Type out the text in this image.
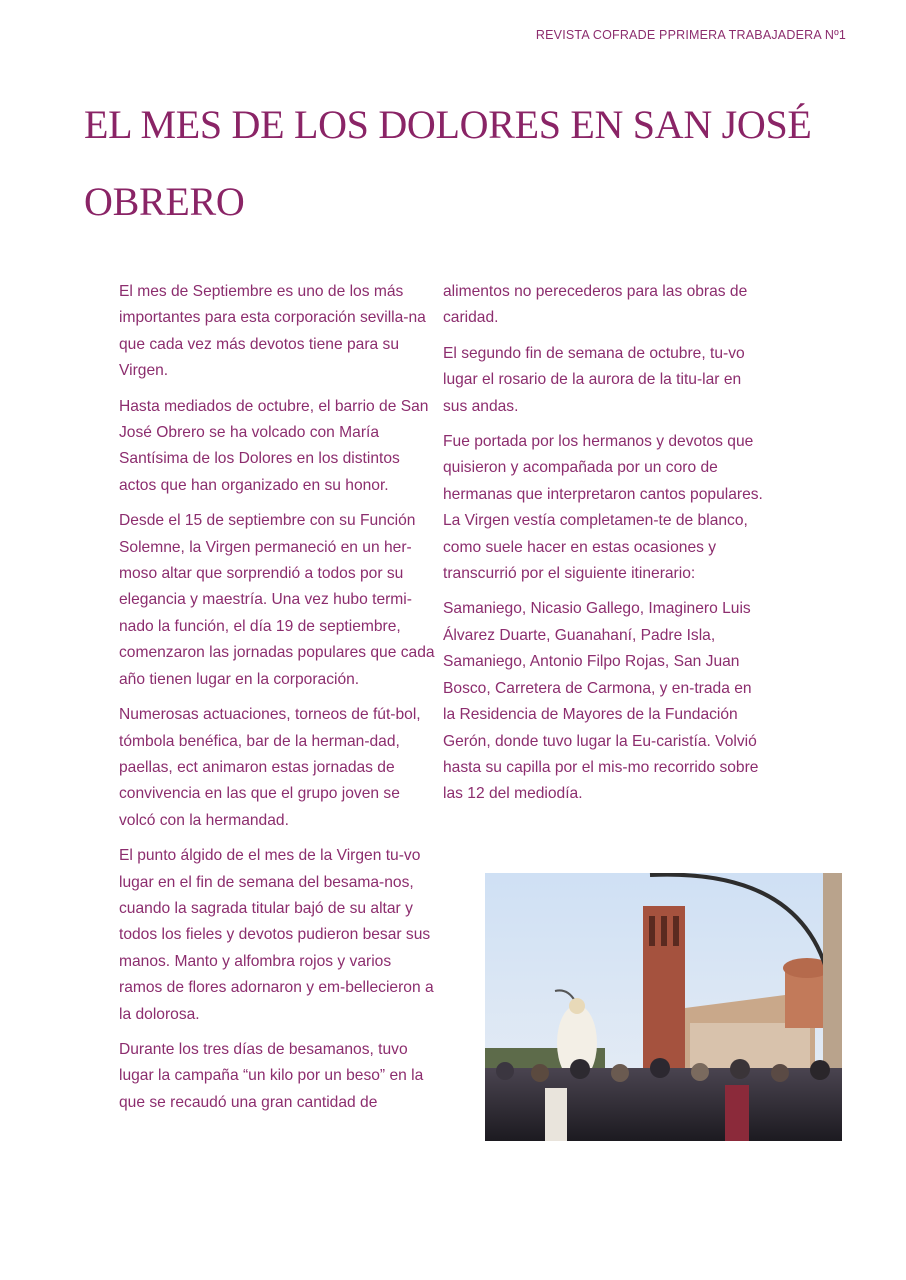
REVISTA COFRADE PPRIMERA TRABAJADERA Nº1
EL MES DE LOS DOLORES EN SAN JOSÉ
OBRERO

El mes de Septiembre es uno de los más importantes para esta corporación sevilla-na que cada vez más devotos tiene para su Virgen.

Hasta mediados de octubre, el barrio de San José Obrero se ha volcado con María Santísima de los Dolores en los distintos actos que han organizado en su honor.

Desde el 15 de septiembre con su Función Solemne, la Virgen permaneció en un her-moso altar que sorprendió a todos por su elegancia y maestría. Una vez hubo termi-nado la función, el día 19 de septiembre, comenzaron las jornadas populares que cada año tienen lugar en la corporación.

Numerosas actuaciones, torneos de fút-bol, tómbola benéfica, bar de la herman-dad, paellas, ect animaron estas jornadas de convivencia en las que el grupo joven se volcó con la hermandad.

El punto álgido de el mes de la Virgen tu-vo lugar en el fin de semana del besama-nos, cuando la sagrada titular bajó de su altar y todos los fieles y devotos pudieron besar sus manos. Manto y alfombra rojos y varios ramos de flores adornaron y em-bellecieron a la dolorosa.

Durante los tres días de besamanos, tuvo lugar la campaña “un kilo por un beso” en la que se recaudó una gran cantidad de

alimentos no perecederos para las obras de caridad.

El segundo fin de semana de octubre, tu-vo lugar el rosario de la aurora de la titu-lar en sus andas.

Fue portada por los hermanos y devotos que quisieron y acompañada por un coro de hermanas que interpretaron cantos populares. La Virgen vestía completamen-te de blanco, como suele hacer en estas ocasiones y transcurrió por el siguiente itinerario:

Samaniego, Nicasio Gallego, Imaginero Luis Álvarez Duarte, Guanahaní, Padre Isla, Samaniego, Antonio Filpo Rojas, San Juan Bosco, Carretera de Carmona, y en-trada en la Residencia de Mayores de la Fundación Gerón, donde tuvo lugar la Eu-caristía. Volvió hasta su capilla por el mis-mo recorrido sobre las 12 del mediodía.
